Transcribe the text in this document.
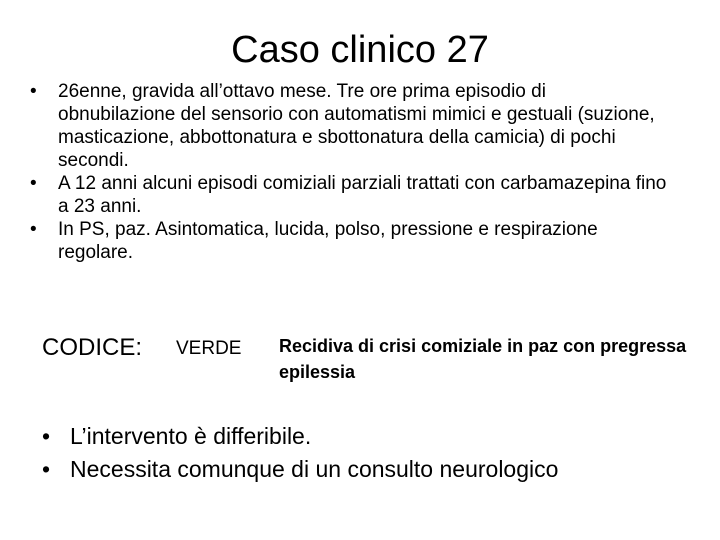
Caso clinico 27
• 26enne, gravida all’ottavo mese. Tre ore prima episodio di obnubilazione del sensorio con automatismi mimici e gestuali (suzione, masticazione, abbottonatura e sbottonatura della camicia) di pochi secondi.
• A 12 anni alcuni episodi comiziali parziali trattati con carbamazepina fino a 23 anni.
• In PS, paz. Asintomatica, lucida, polso, pressione e respirazione regolare.
CODICE: VERDE Recidiva di crisi comiziale in paz con pregressa epilessia
• L’intervento è differibile.
• Necessita comunque di un consulto neurologico
